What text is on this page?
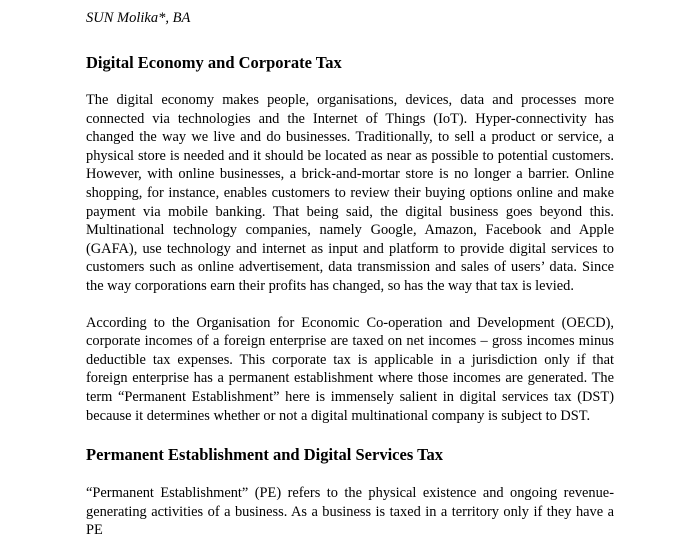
SUN Molika*, BA
Digital Economy and Corporate Tax

The digital economy makes people, organisations, devices, data and processes more connected via technologies and the Internet of Things (IoT). Hyper-connectivity has changed the way we live and do businesses. Traditionally, to sell a product or service, a physical store is needed and it should be located as near as possible to potential customers. However, with online businesses, a brick-and-mortar store is no longer a barrier. Online shopping, for instance, enables customers to review their buying options online and make payment via mobile banking. That being said, the digital business goes beyond this. Multinational technology companies, namely Google, Amazon, Facebook and Apple (GAFA), use technology and internet as input and platform to provide digital services to customers such as online advertisement, data transmission and sales of users’ data. Since the way corporations earn their profits has changed, so has the way that tax is levied.

According to the Organisation for Economic Co-operation and Development (OECD), corporate incomes of a foreign enterprise are taxed on net incomes – gross incomes minus deductible tax expenses. This corporate tax is applicable in a jurisdiction only if that foreign enterprise has a permanent establishment where those incomes are generated. The term “Permanent Establishment” here is immensely salient in digital services tax (DST) because it determines whether or not a digital multinational company is subject to DST.

Permanent Establishment and Digital Services Tax

“Permanent Establishment” (PE) refers to the physical existence and ongoing revenue-generating activities of a business. As a business is taxed in a territory only if they have a PE
